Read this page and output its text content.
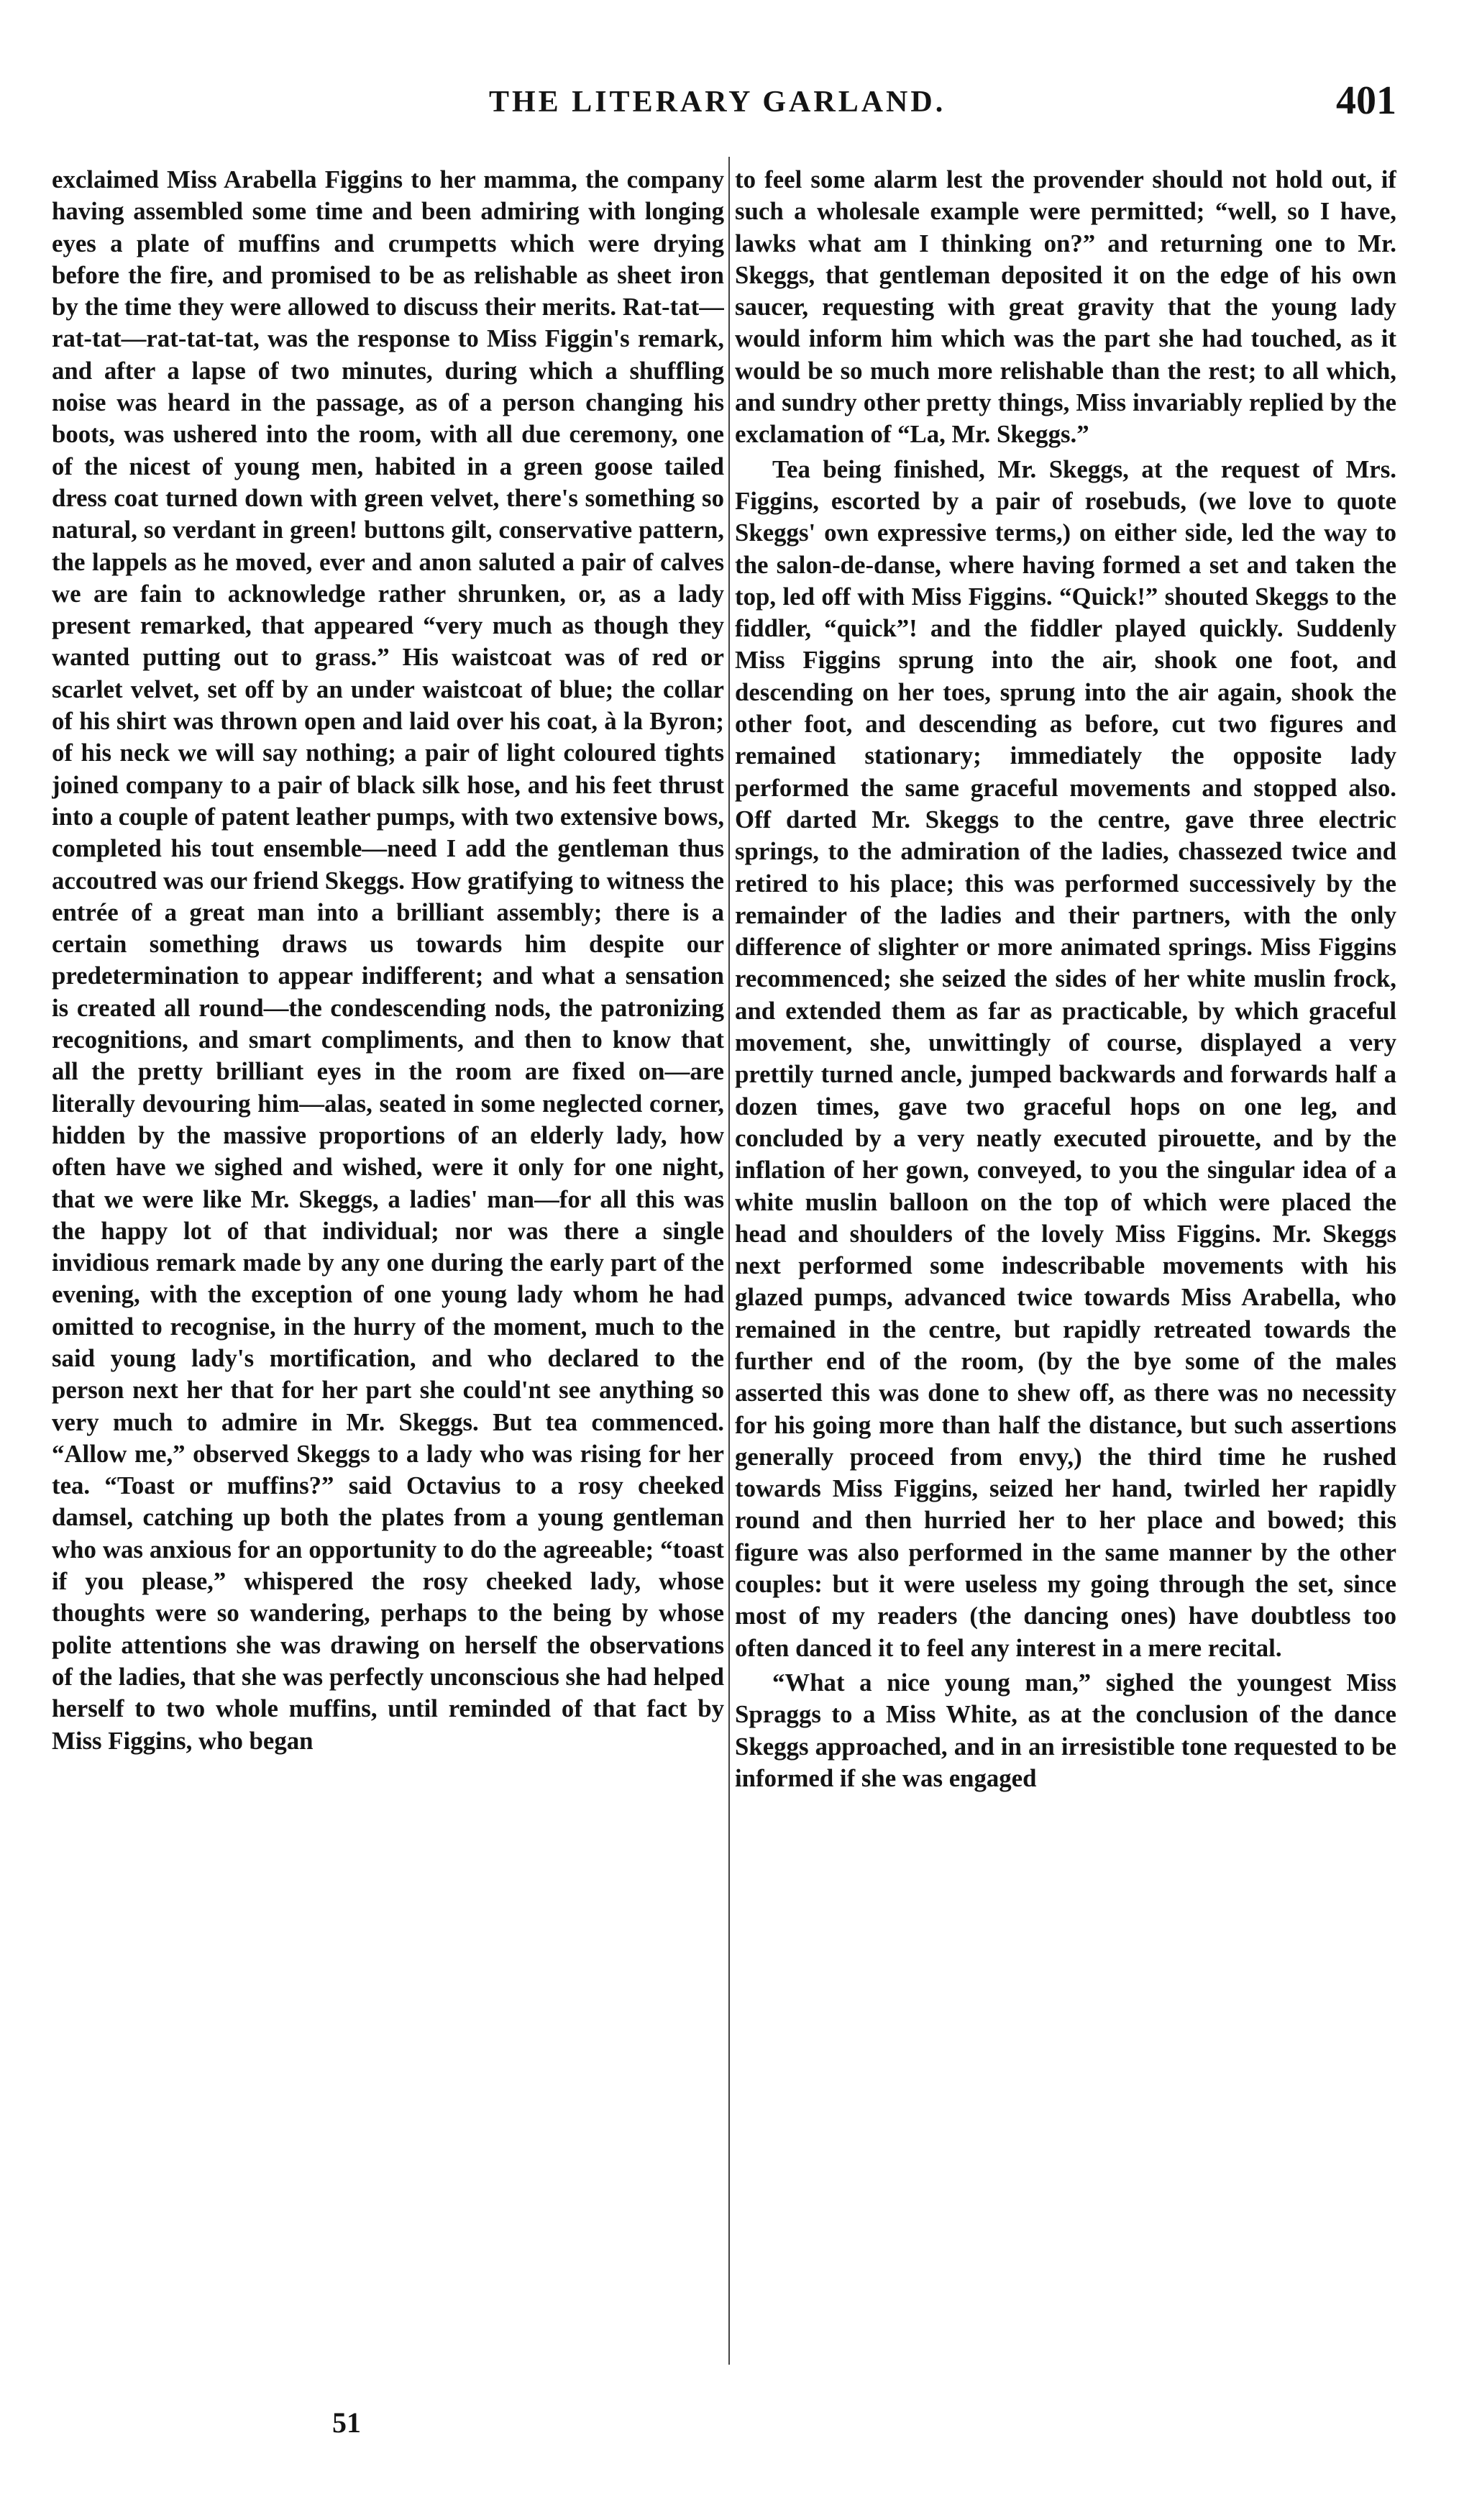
THE LITERARY GARLAND.	401

exclaimed Miss Arabella Figgins to her mamma, the company having assembled some time and been admiring with longing eyes a plate of muffins and crumpetts which were drying before the fire, and promised to be as relishable as sheet iron by the time they were allowed to discuss their merits. Rat-tat—rat-tat—rat-tat-tat, was the response to Miss Figgin's remark, and after a lapse of two minutes, during which a shuffling noise was heard in the passage, as of a person changing his boots, was ushered into the room, with all due ceremony, one of the nicest of young men, habited in a green goose tailed dress coat turned down with green velvet, there's something so natural, so verdant in green! buttons gilt, conservative pattern, the lappels as he moved, ever and anon saluted a pair of calves we are fain to acknowledge rather shrunken, or, as a lady present remarked, that appeared “very much as though they wanted putting out to grass.” His waistcoat was of red or scarlet velvet, set off by an under waistcoat of blue; the collar of his shirt was thrown open and laid over his coat, à la Byron; of his neck we will say nothing; a pair of light coloured tights joined company to a pair of black silk hose, and his feet thrust into a couple of patent leather pumps, with two extensive bows, completed his tout ensemble—need I add the gentleman thus accoutred was our friend Skeggs. How gratifying to witness the entrée of a great man into a brilliant assembly; there is a certain something draws us towards him despite our predetermination to appear indifferent; and what a sensation is created all round—the condescending nods, the patronizing recognitions, and smart compliments, and then to know that all the pretty brilliant eyes in the room are fixed on—are literally devouring him—alas, seated in some neglected corner, hidden by the massive proportions of an elderly lady, how often have we sighed and wished, were it only for one night, that we were like Mr. Skeggs, a ladies' man—for all this was the happy lot of that individual; nor was there a single invidious remark made by any one during the early part of the evening, with the exception of one young lady whom he had omitted to recognise, in the hurry of the moment, much to the said young lady's mortification, and who declared to the person next her that for her part she could'nt see anything so very much to admire in Mr. Skeggs. But tea commenced. “Allow me,” observed Skeggs to a lady who was rising for her tea. “Toast or muffins?” said Octavius to a rosy cheeked damsel, catching up both the plates from a young gentleman who was anxious for an opportunity to do the agreeable; “toast if you please,” whispered the rosy cheeked lady, whose thoughts were so wandering, perhaps to the being by whose polite attentions she was drawing on herself the observations of the ladies, that she was perfectly unconscious she had helped herself to two whole muffins, until reminded of that fact by Miss Figgins, who began

to feel some alarm lest the provender should not hold out, if such a wholesale example were permitted; “well, so I have, lawks what am I thinking on?” and returning one to Mr. Skeggs, that gentleman deposited it on the edge of his own saucer, requesting with great gravity that the young lady would inform him which was the part she had touched, as it would be so much more relishable than the rest; to all which, and sundry other pretty things, Miss invariably replied by the exclamation of “La, Mr. Skeggs.”

Tea being finished, Mr. Skeggs, at the request of Mrs. Figgins, escorted by a pair of rosebuds, (we love to quote Skeggs' own expressive terms,) on either side, led the way to the salon-de-danse, where having formed a set and taken the top, led off with Miss Figgins. “Quick!” shouted Skeggs to the fiddler, “quick”! and the fiddler played quickly. Suddenly Miss Figgins sprung into the air, shook one foot, and descending on her toes, sprung into the air again, shook the other foot, and descending as before, cut two figures and remained stationary; immediately the opposite lady performed the same graceful movements and stopped also. Off darted Mr. Skeggs to the centre, gave three electric springs, to the admiration of the ladies, chassezed twice and retired to his place; this was performed successively by the remainder of the ladies and their partners, with the only difference of slighter or more animated springs. Miss Figgins recommenced; she seized the sides of her white muslin frock, and extended them as far as practicable, by which graceful movement, she, unwittingly of course, displayed a very prettily turned ancle, jumped backwards and forwards half a dozen times, gave two graceful hops on one leg, and concluded by a very neatly executed pirouette, and by the inflation of her gown, conveyed, to you the singular idea of a white muslin balloon on the top of which were placed the head and shoulders of the lovely Miss Figgins. Mr. Skeggs next performed some indescribable movements with his glazed pumps, advanced twice towards Miss Arabella, who remained in the centre, but rapidly retreated towards the further end of the room, (by the bye some of the males asserted this was done to shew off, as there was no necessity for his going more than half the distance, but such assertions generally proceed from envy,) the third time he rushed towards Miss Figgins, seized her hand, twirled her rapidly round and then hurried her to her place and bowed; this figure was also performed in the same manner by the other couples: but it were useless my going through the set, since most of my readers (the dancing ones) have doubtless too often danced it to feel any interest in a mere recital.

“What a nice young man,” sighed the youngest Miss Spraggs to a Miss White, as at the conclusion of the dance Skeggs approached, and in an irresistible tone requested to be informed if she was engaged

51
